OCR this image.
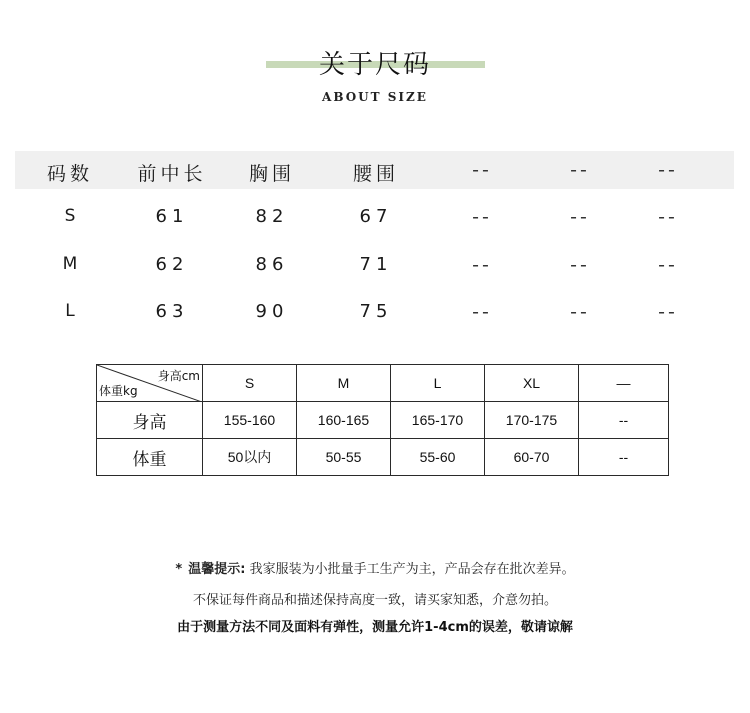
关于尺码
ABOUT SIZE
码数	前中长	胸围	腰围	--	--	--
S	61	82	67	--	--	--
M	62	86	71	--	--	--
L	63	90	75	--	--	--
身高cm
体重kg	S	M	L	XL	—
身高	155-160	160-165	165-170	170-175	--
体重	50以内	50-55	55-60	60-70	--
* 温馨提示: 我家服装为小批量手工生产为主，产品会存在批次差异。
不保证每件商品和描述保持高度一致，请买家知悉，介意勿拍。
由于测量方法不同及面料有弹性，测量允许1-4cm的误差，敬请谅解
